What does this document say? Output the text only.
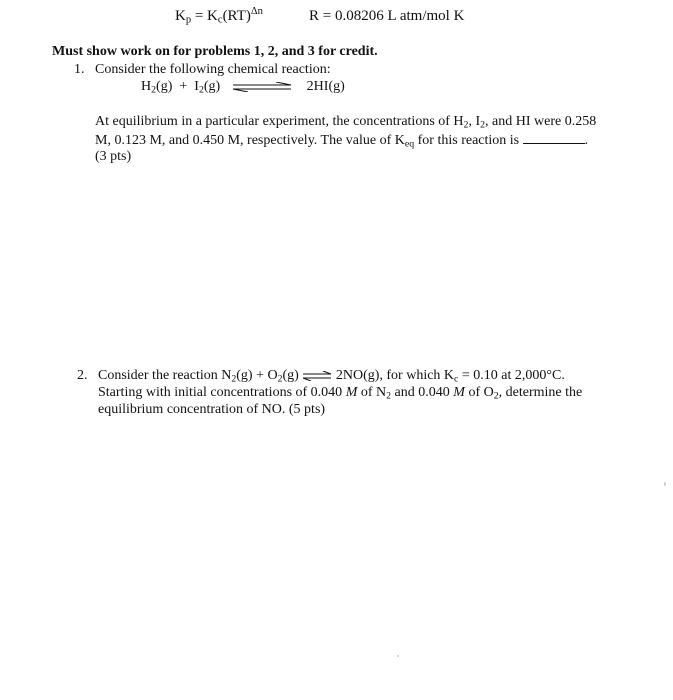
$K_p = K_c(RT)^{\Delta n}$	R = 0.08206 L atm/mol K
Must show work on for problems 1, 2, and 3 for credit.
1. Consider the following chemical reaction:
$H_2(g) + I_2(g)$	2HI(g)
At equilibrium in a particular experiment, the concentrations of $H_2$, $I_2$, and HI were 0.258
M, 0.123 M, and 0.450 M, respectively. The value of $K_{eq}$ for this reaction is	.
(3 pts)
2. Consider the reaction $N_2(g) + O_2(g)$ ⇌ 2NO(g), for which $K_c = 0.10$ at 2,000°C.
Starting with initial concentrations of 0.040 M of $N_2$ and 0.040 M of $O_2$, determine the
equilibrium concentration of NO. (5 pts)
